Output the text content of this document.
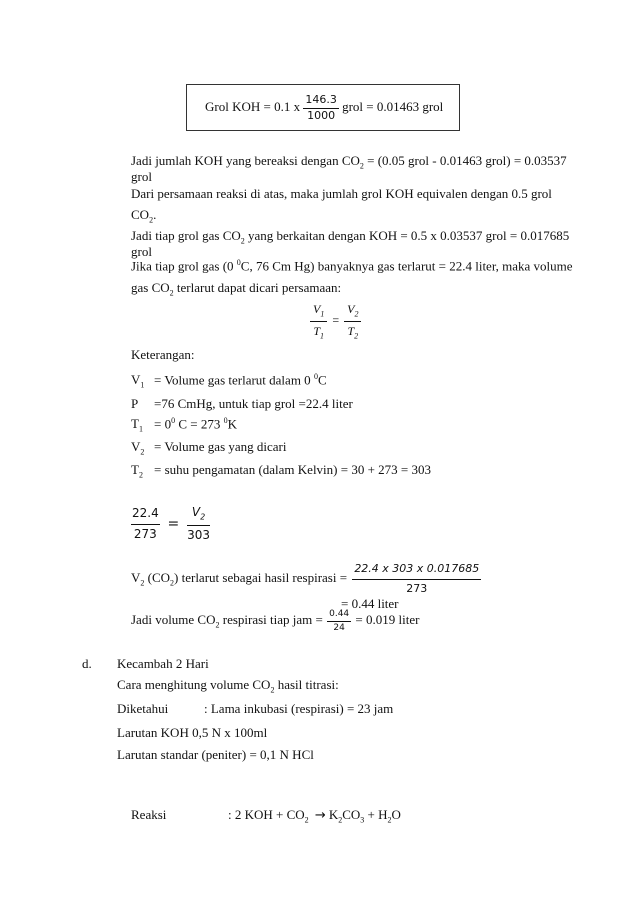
Grol KOH = 0.1 x $\frac{146.3}{1000}$ grol = 0.01463 grol
Jadi jumlah KOH yang bereaksi dengan $CO_2 = (0.05$ grol - 0.01463 grol) = 0.03537
grol
Dari persamaan reaksi di atas, maka jumlah grol KOH equivalen dengan 0.5 grol
$CO_2$.
Jadi tiap grol gas $CO_2$ yang berkaitan dengan KOH = 0.5 x 0.03537 grol = 0.017685
grol
Jika tiap grol gas (0 $^0$C, 76 Cm Hg) banyaknya gas terlarut = 22.4 liter, maka volume
gas $CO_2$ terlarut dapat dicari persamaan:
$\frac{V_1}{T_1} = \frac{V_2}{T_2}$
Keterangan:
$V_1$ = Volume gas terlarut dalam 0 $^0$C
P =76 CmHg, untuk tiap grol =22.4 liter
$T_1 = 0^0$ C = 273 $^0$K
$V_2$ = Volume gas yang dicari
$T_2$ = suhu pengamatan (dalam Kelvin) = 30 + 273 = 303
$\frac{22.4}{273} = \frac{V_2}{303}$
$V_2$ $(CO_2)$ terlarut sebagai hasil respirasi = $\frac{22.4 x 303 x 0.017685}{273}$
= 0.44 liter
Jadi volume $CO_2$ respirasi tiap jam = $\frac{0.44}{24} = 0.019$ liter
d. Kecambah 2 Hari
Cara menghitung volume $CO_2$ hasil titrasi:
Diketahui	: Lama inkubasi (respirasi) = 23 jam
Larutan KOH 0,5 N x 100ml
Larutan standar (peniter) = 0,1 N HCl
Reaksi	: 2 KOH + $CO_2 \to K_2CO_3 + H_2O$
